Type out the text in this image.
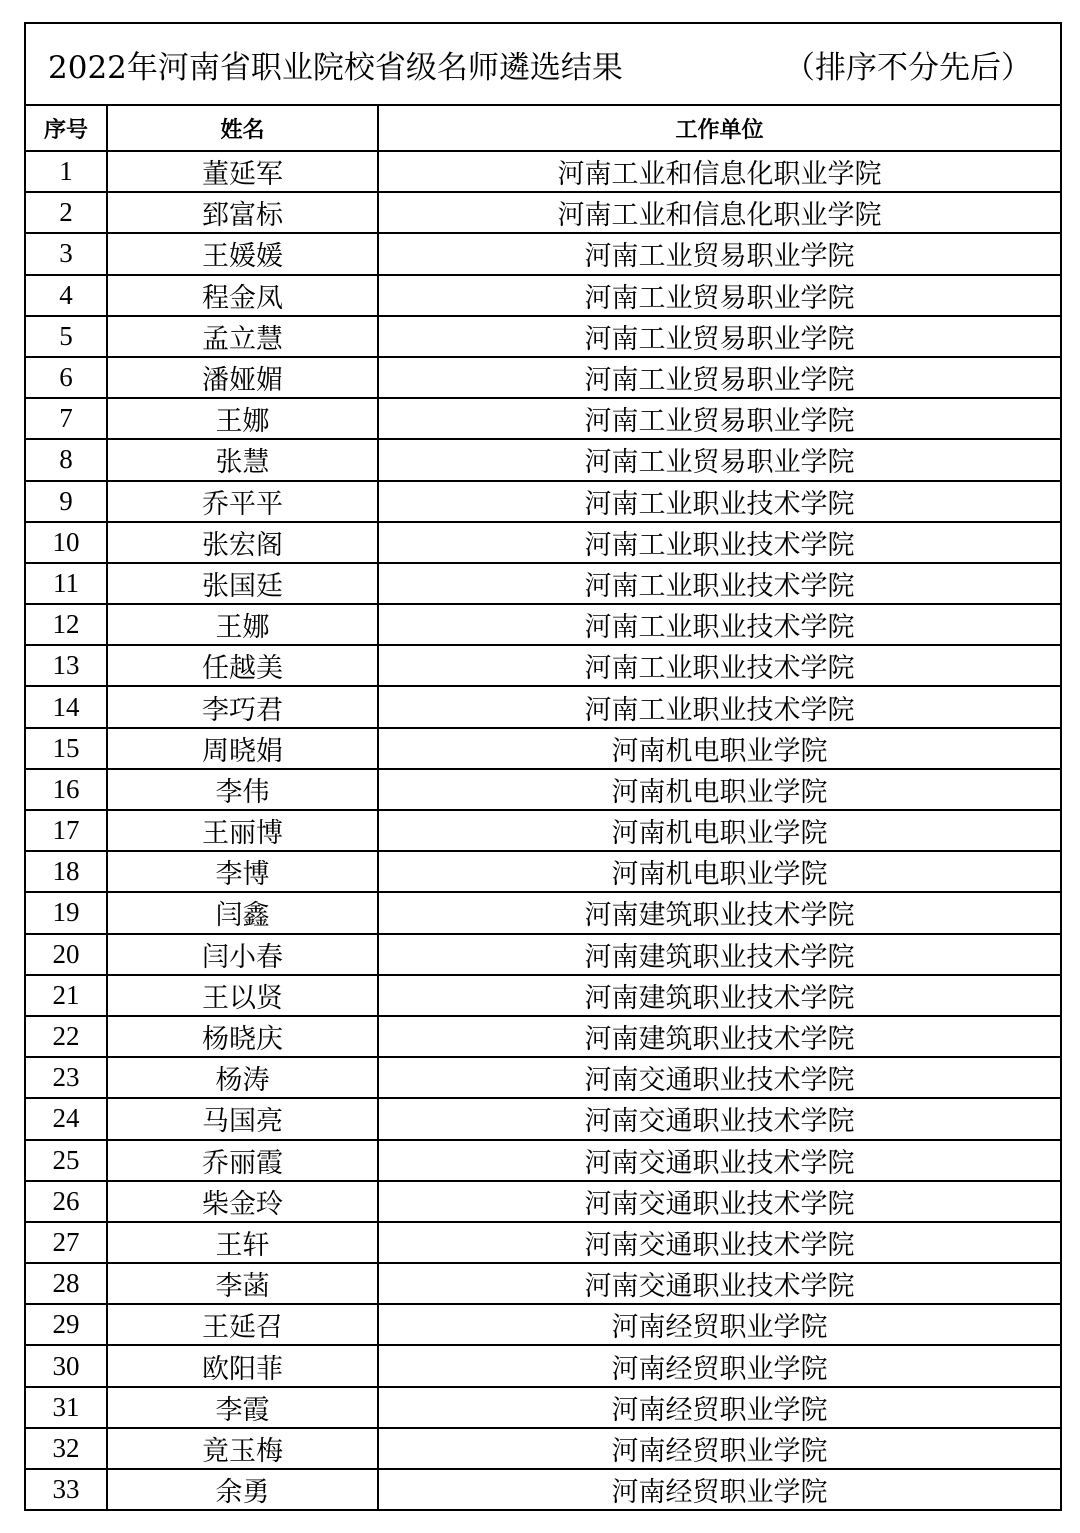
2022年河南省职业院校省级名师遴选结果	（排序不分先后）
序号	姓名	工作单位
1	董延军	河南工业和信息化职业学院
2	郅富标	河南工业和信息化职业学院
3	王媛媛	河南工业贸易职业学院
4	程金凤	河南工业贸易职业学院
5	孟立慧	河南工业贸易职业学院
6	潘娅媚	河南工业贸易职业学院
7	王娜	河南工业贸易职业学院
8	张慧	河南工业贸易职业学院
9	乔平平	河南工业职业技术学院
10	张宏阁	河南工业职业技术学院
11	张国廷	河南工业职业技术学院
12	王娜	河南工业职业技术学院
13	任越美	河南工业职业技术学院
14	李巧君	河南工业职业技术学院
15	周晓娟	河南机电职业学院
16	李伟	河南机电职业学院
17	王丽博	河南机电职业学院
18	李博	河南机电职业学院
19	闫鑫	河南建筑职业技术学院
20	闫小春	河南建筑职业技术学院
21	王以贤	河南建筑职业技术学院
22	杨晓庆	河南建筑职业技术学院
23	杨涛	河南交通职业技术学院
24	马国亮	河南交通职业技术学院
25	乔丽霞	河南交通职业技术学院
26	柴金玲	河南交通职业技术学院
27	王轩	河南交通职业技术学院
28	李菡	河南交通职业技术学院
29	王延召	河南经贸职业学院
30	欧阳菲	河南经贸职业学院
31	李霞	河南经贸职业学院
32	竟玉梅	河南经贸职业学院
33	余勇	河南经贸职业学院
